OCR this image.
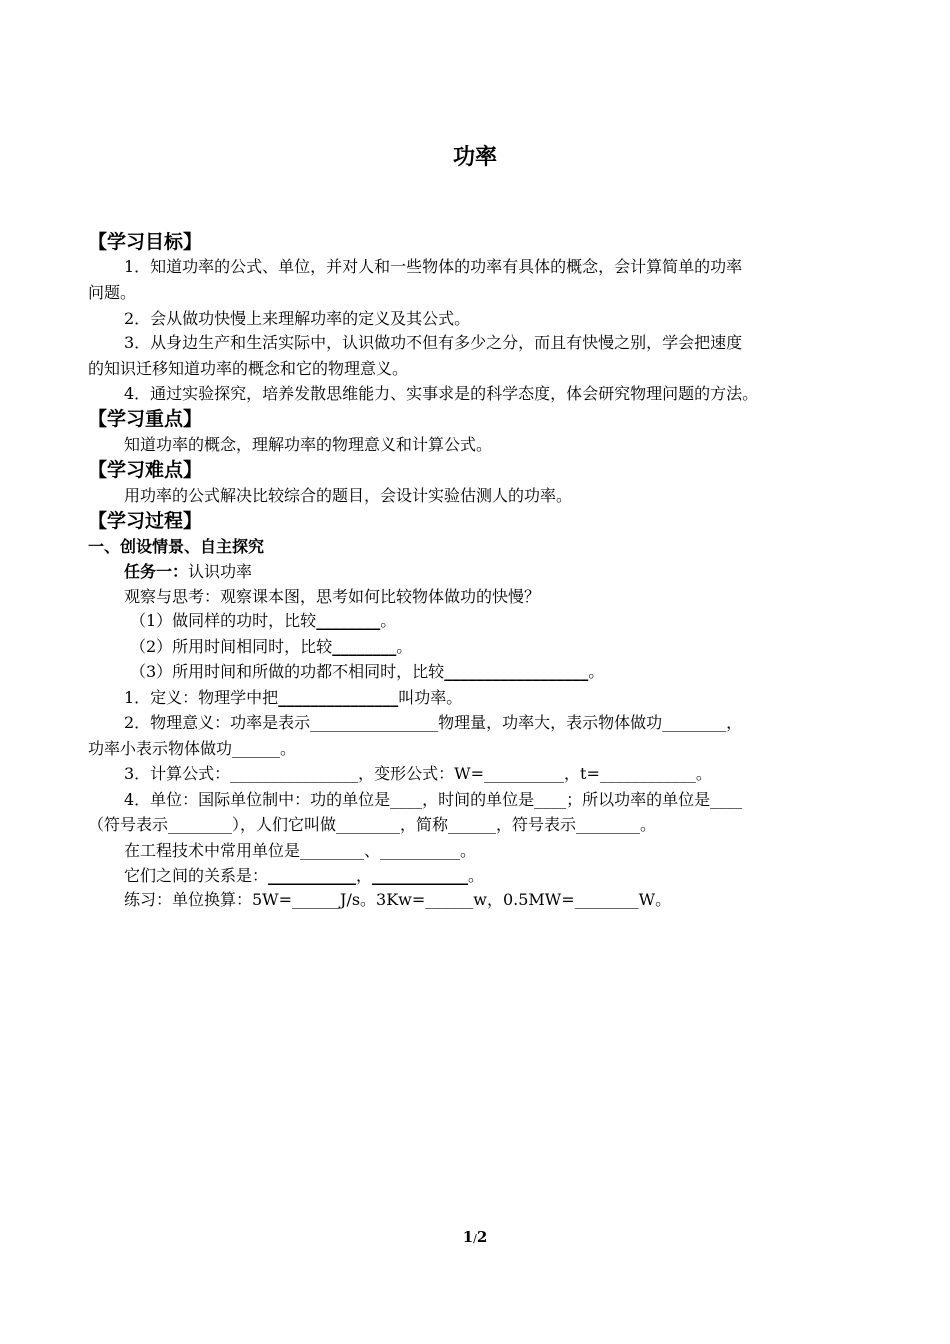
功率
【学习目标】
1．知道功率的公式、单位，并对人和一些物体的功率有具体的概念，会计算简单的功率
问题。
2．会从做功快慢上来理解功率的定义及其公式。
3．从身边生产和生活实际中，认识做功不但有多少之分，而且有快慢之别，学会把速度
的知识迁移知道功率的概念和它的物理意义。
4．通过实验探究，培养发散思维能力、实事求是的科学态度，体会研究物理问题的方法。
【学习重点】
知道功率的概念，理解功率的物理意义和计算公式。
【学习难点】
用功率的公式解决比较综合的题目，会设计实验估测人的功率。
【学习过程】
一、创设情景、自主探究
任务一：认识功率
观察与思考：观察课本图，思考如何比较物体做功的快慢？
（1）做同样的功时，比较________。
（2）所用时间相同时，比较________。
（3）所用时间和所做的功都不相同时，比较__________________。
1．定义：物理学中把_______________叫功率。
2．物理意义：功率是表示________________物理量，功率大，表示物体做功________，
功率小表示物体做功______。
3．计算公式：________________，变形公式：W=__________，t=____________。
4．单位：国际单位制中：功的单位是____，时间的单位是____；所以功率的单位是____
（符号表示________），人们它叫做________，简称______，符号表示________。
在工程技术中常用单位是________、__________。
它们之间的关系是：___________，____________。
练习：单位换算：5W=______J/s。3Kw=______w，0.5MW=________W。
1/2
